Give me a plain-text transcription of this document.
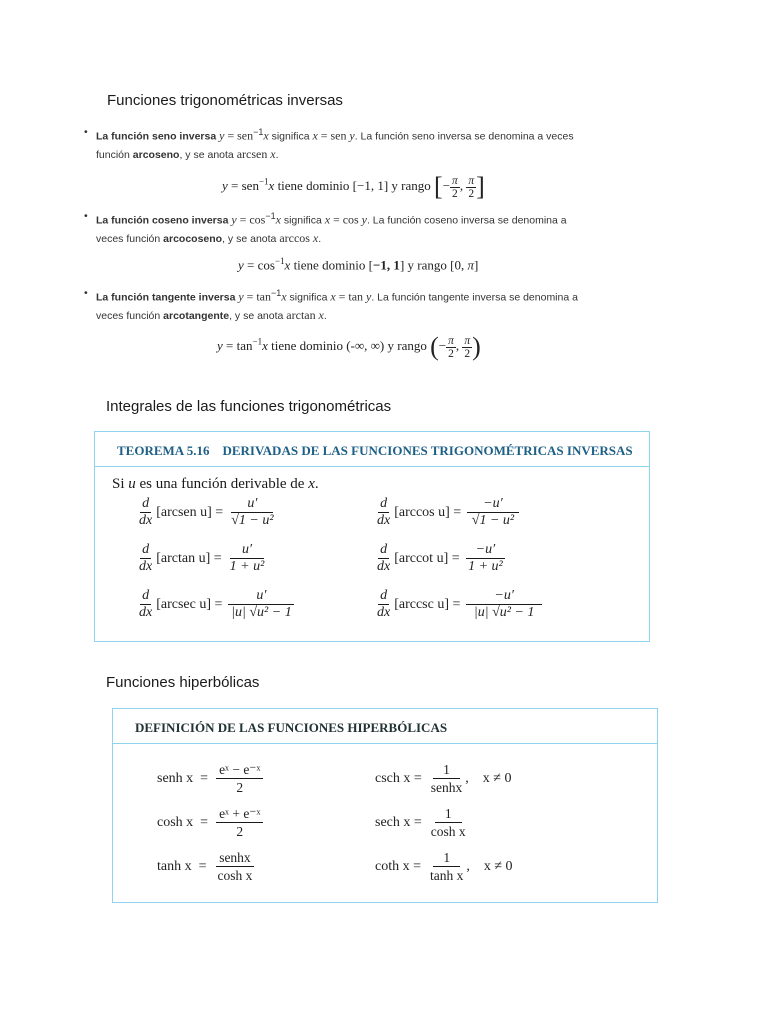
Funciones trigonométricas inversas
• La función seno inversa y = sen$^{-1}$x significa x = sen y. La función seno inversa se denomina a veces
función arcoseno, y se anota arcsen x.
y = sen$^{-1}$x tiene dominio [−1, 1] y rango [− $\frac{\pi}{2}$ , $\frac{\pi}{2}$ ]
• La función coseno inversa $y = \cos^{-1}x$ significa x = cos y. La función coseno inversa se denomina a
veces función arcocoseno, y se anota arccos x.
$y = \cos^{-1}x$ tiene dominio [−1, 1] y rango [0, π]
• La función tangente inversa $y = \tan^{-1}x$ significa x = tan y. La función tangente inversa se denomina a
veces función arcotangente, y se anota arctan x.
$y = \tan^{-1}x$ tiene dominio (-∞, ∞) y rango (− $\frac{\pi}{2}$ , $\frac{\pi}{2}$ )
Integrales de las funciones trigonométricas
TEOREMA 5.16    DERIVADAS DE LAS FUNCIONES TRIGONOMÉTRICAS INVERSAS
Si u es una función derivable de x.
$\frac{d}{dx}$ [arcsen $u] = \frac{u'}{\text{√1 − u²}}$	$\frac{d}{dx} [\arccos$ $u] = \frac{-u'}{\text{√1 − u²}}$
$\frac{d}{dx} [\arctan$ $u] = \frac{u'}{\text{1 + u²}}$	$\frac{d}{dx} [arccot$ $u] = \frac{-u'}{\text{1 + u²}}$
$\frac{d}{dx} [arcsec$ $u] = \frac{u'}{\text{|u| √u² − 1}}$	$\frac{d}{dx} [arccsc$ $u] = \frac{-u'}{\text{|u| √u² − 1}}$
Funciones hiperbólicas
DEFINICIÓN DE LAS FUNCIONES HIPERBÓLICAS
senh $x = \frac{\text{eˣ − e⁻ˣ}}{2}$	csch $x = \frac{1}{\text{senhx}}$ , x ≠ 0
$\cosh x = \frac{\text{eˣ + e⁻ˣ}}{2}$	sech $x = \frac{1}{\text{cosh x}}$
$\tanh x = \frac{\text{senhx}}{\text{cosh x}}$	coth $x = \frac{1}{\text{tanh x}}$ , x ≠ 0
